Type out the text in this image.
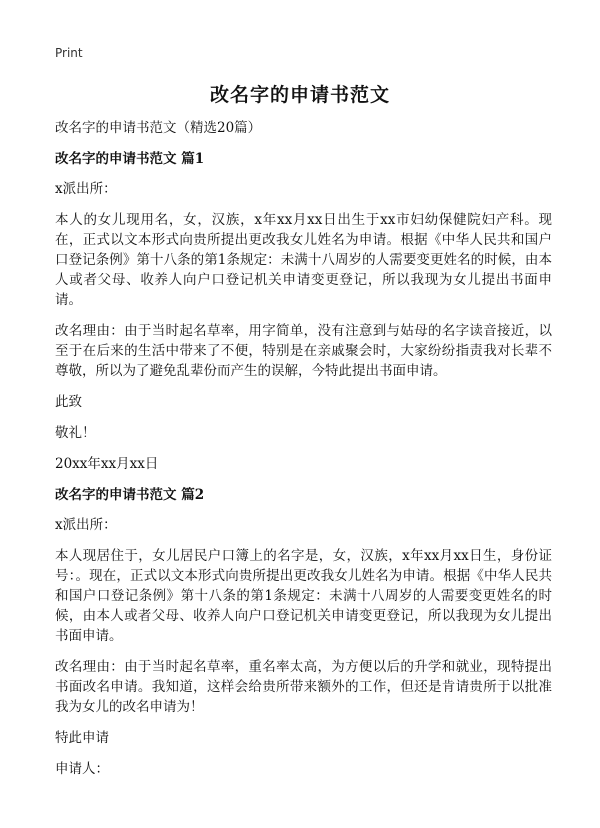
Print
改名字的申请书范文

改名字的申请书范文（精选20篇）

改名字的申请书范文 篇1

x派出所：

本人的女儿现用名，女，汉族，x年xx月xx日出生于xx市妇幼保健院妇产科。现在，正式以文本形式向贵所提出更改我女儿姓名为申请。根据《中华人民共和国户口登记条例》第十八条的第1条规定：未满十八周岁的人需要变更姓名的时候，由本人或者父母、收养人向户口登记机关申请变更登记，所以我现为女儿提出书面申请。

改名理由：由于当时起名草率，用字简单，没有注意到与姑母的名字读音接近，以至于在后来的生活中带来了不便，特别是在亲戚聚会时，大家纷纷指责我对长辈不尊敬，所以为了避免乱辈份而产生的误解，今特此提出书面申请。

此致

敬礼！

20xx年xx月xx日

改名字的申请书范文 篇2

x派出所：

本人现居住于，女儿居民户口簿上的名字是，女，汉族，x年xx月xx日生，身份证号：。现在，正式以文本形式向贵所提出更改我女儿姓名为申请。根据《中华人民共和国户口登记条例》第十八条的第1条规定：未满十八周岁的人需要变更姓名的时候，由本人或者父母、收养人向户口登记机关申请变更登记，所以我现为女儿提出书面申请。

改名理由：由于当时起名草率，重名率太高，为方便以后的升学和就业，现特提出书面改名申请。我知道，这样会给贵所带来额外的工作，但还是肯请贵所于以批准我为女儿的改名申请为！

特此申请

申请人：
